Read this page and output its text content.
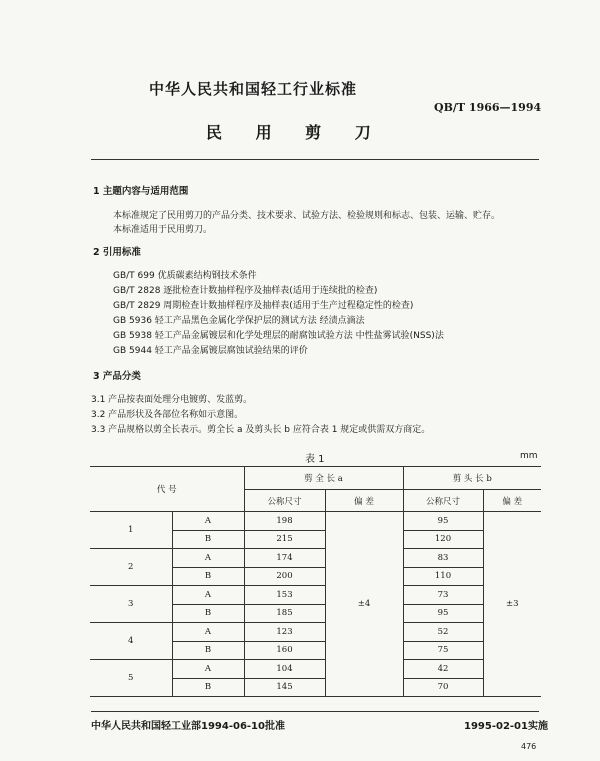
中华人民共和国轻工行业标准
QB/T 1966—1994
民 用 剪 刀
1 主题内容与适用范围
本标准规定了民用剪刀的产品分类、技术要求、试验方法、检验规则和标志、包装、运输、贮存。
本标准适用于民用剪刀。
2 引用标准
GB/T 699 优质碳素结构钢技术条件
GB/T 2828 逐批检查计数抽样程序及抽样表(适用于连续批的检查)
GB/T 2829 周期检查计数抽样程序及抽样表(适用于生产过程稳定性的检查)
GB 5936 轻工产品黑色金属化学保护层的测试方法 经渍点滴法
GB 5938 轻工产品金属镀层和化学处理层的耐腐蚀试验方法 中性盐雾试验(NSS)法
GB 5944 轻工产品金属镀层腐蚀试验结果的评价
3 产品分类
3.1 产品按表面处理分电镀剪、发蓝剪。
3.2 产品形状及各部位名称如示意图。
3.3 产品规格以剪全长表示。剪全长 a 及剪头长 b 应符合表 1 规定或供需双方商定。
表 1	mm
代 号		剪 全 长 a		剪 头 长 b	
		公称尺寸	偏 差	公称尺寸	偏 差
1	A	198	±4	95	±3
	B	215		120	
2	A	174		83	
	B	200		110	
3	A	153		73	
	B	185		95	
4	A	123		52	
	B	160		75	
5	A	104		42	
	B	145		70	
中华人民共和国轻工业部1994-06-10批准	1995-02-01实施
476
